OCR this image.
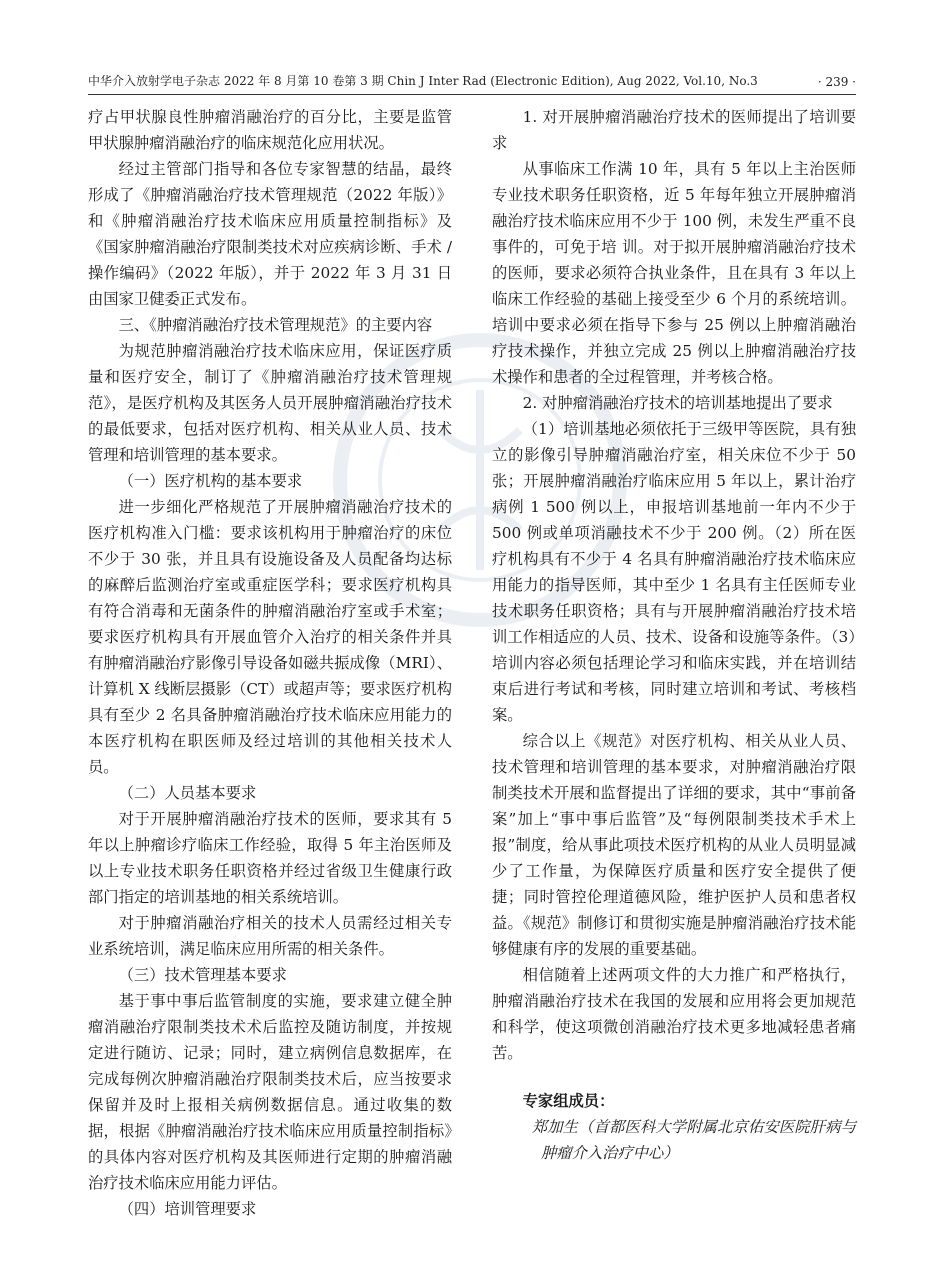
中华介入放射学电子杂志 2022 年 8 月第 10 卷第 3 期 Chin J Inter Rad (Electronic Edition), Aug 2022, Vol.10, No.3	· 239 ·

疗占甲状腺良性肿瘤消融治疗的百分比，主要是监管甲状腺肿瘤消融治疗的临床规范化应用状况。

经过主管部门指导和各位专家智慧的结晶，最终形成了《肿瘤消融治疗技术管理规范（2022 年版）》和《肿瘤消融治疗技术临床应用质量控制指标》及《国家肿瘤消融治疗限制类技术对应疾病诊断、手术 / 操作编码》（2022 年版），并于 2022 年 3 月 31 日由国家卫健委正式发布。

三、《肿瘤消融治疗技术管理规范》的主要内容

为规范肿瘤消融治疗技术临床应用，保证医疗质量和医疗安全，制订了《肿瘤消融治疗技术管理规范》，是医疗机构及其医务人员开展肿瘤消融治疗技术的最低要求，包括对医疗机构、相关从业人员、技术管理和培训管理的基本要求。

（一）医疗机构的基本要求

进一步细化严格规范了开展肿瘤消融治疗技术的医疗机构准入门槛：要求该机构用于肿瘤治疗的床位不少于 30 张，并且具有设施设备及人员配备均达标的麻醉后监测治疗室或重症医学科；要求医疗机构具有符合消毒和无菌条件的肿瘤消融治疗室或手术室；要求医疗机构具有开展血管介入治疗的相关条件并具有肿瘤消融治疗影像引导设备如磁共振成像（MRI）、计算机 X 线断层摄影（CT）或超声等；要求医疗机构具有至少 2 名具备肿瘤消融治疗技术临床应用能力的本医疗机构在职医师及经过培训的其他相关技术人员。

（二）人员基本要求

对于开展肿瘤消融治疗技术的医师，要求其有 5 年以上肿瘤诊疗临床工作经验，取得 5 年主治医师及以上专业技术职务任职资格并经过省级卫生健康行政部门指定的培训基地的相关系统培训。

对于肿瘤消融治疗相关的技术人员需经过相关专业系统培训，满足临床应用所需的相关条件。

（三）技术管理基本要求

基于事中事后监管制度的实施，要求建立健全肿瘤消融治疗限制类技术术后监控及随访制度，并按规定进行随访、记录；同时，建立病例信息数据库，在完成每例次肿瘤消融治疗限制类技术后，应当按要求保留并及时上报相关病例数据信息。通过收集的数据，根据《肿瘤消融治疗技术临床应用质量控制指标》的具体内容对医疗机构及其医师进行定期的肿瘤消融治疗技术临床应用能力评估。

（四）培训管理要求

1. 对开展肿瘤消融治疗技术的医师提出了培训要求

从事临床工作满 10 年，具有 5 年以上主治医师专业技术职务任职资格，近 5 年每年独立开展肿瘤消融治疗技术临床应用不少于 100 例，未发生严重不良事件的，可免于培 训。对于拟开展肿瘤消融治疗技术的医师，要求必须符合执业条件，且在具有 3 年以上临床工作经验的基础上接受至少 6 个月的系统培训。培训中要求必须在指导下参与 25 例以上肿瘤消融治疗技术操作，并独立完成 25 例以上肿瘤消融治疗技术操作和患者的全过程管理，并考核合格。

2. 对肿瘤消融治疗技术的培训基地提出了要求

（1）培训基地必须依托于三级甲等医院，具有独立的影像引导肿瘤消融治疗室，相关床位不少于 50 张；开展肿瘤消融治疗临床应用 5 年以上，累计治疗病例 1 500 例以上，申报培训基地前一年内不少于 500 例或单项消融技术不少于 200 例。（2）所在医疗机构具有不少于 4 名具有肿瘤消融治疗技术临床应用能力的指导医师，其中至少 1 名具有主任医师专业技术职务任职资格；具有与开展肿瘤消融治疗技术培训工作相适应的人员、技术、设备和设施等条件。（3）培训内容必须包括理论学习和临床实践，并在培训结束后进行考试和考核，同时建立培训和考试、考核档案。

综合以上《规范》对医疗机构、相关从业人员、技术管理和培训管理的基本要求，对肿瘤消融治疗限制类技术开展和监督提出了详细的要求，其中“事前备案”加上“事中事后监管”及“每例限制类技术手术上报”制度，给从事此项技术医疗机构的从业人员明显减少了工作量，为保障医疗质量和医疗安全提供了便捷；同时管控伦理道德风险，维护医护人员和患者权益。《规范》制修订和贯彻实施是肿瘤消融治疗技术能够健康有序的发展的重要基础。

相信随着上述两项文件的大力推广和严格执行，肿瘤消融治疗技术在我国的发展和应用将会更加规范和科学，使这项微创消融治疗技术更多地减轻患者痛苦。

专家组成员：

郑加生（首都医科大学附属北京佑安医院肝病与肿瘤介入治疗中心）
